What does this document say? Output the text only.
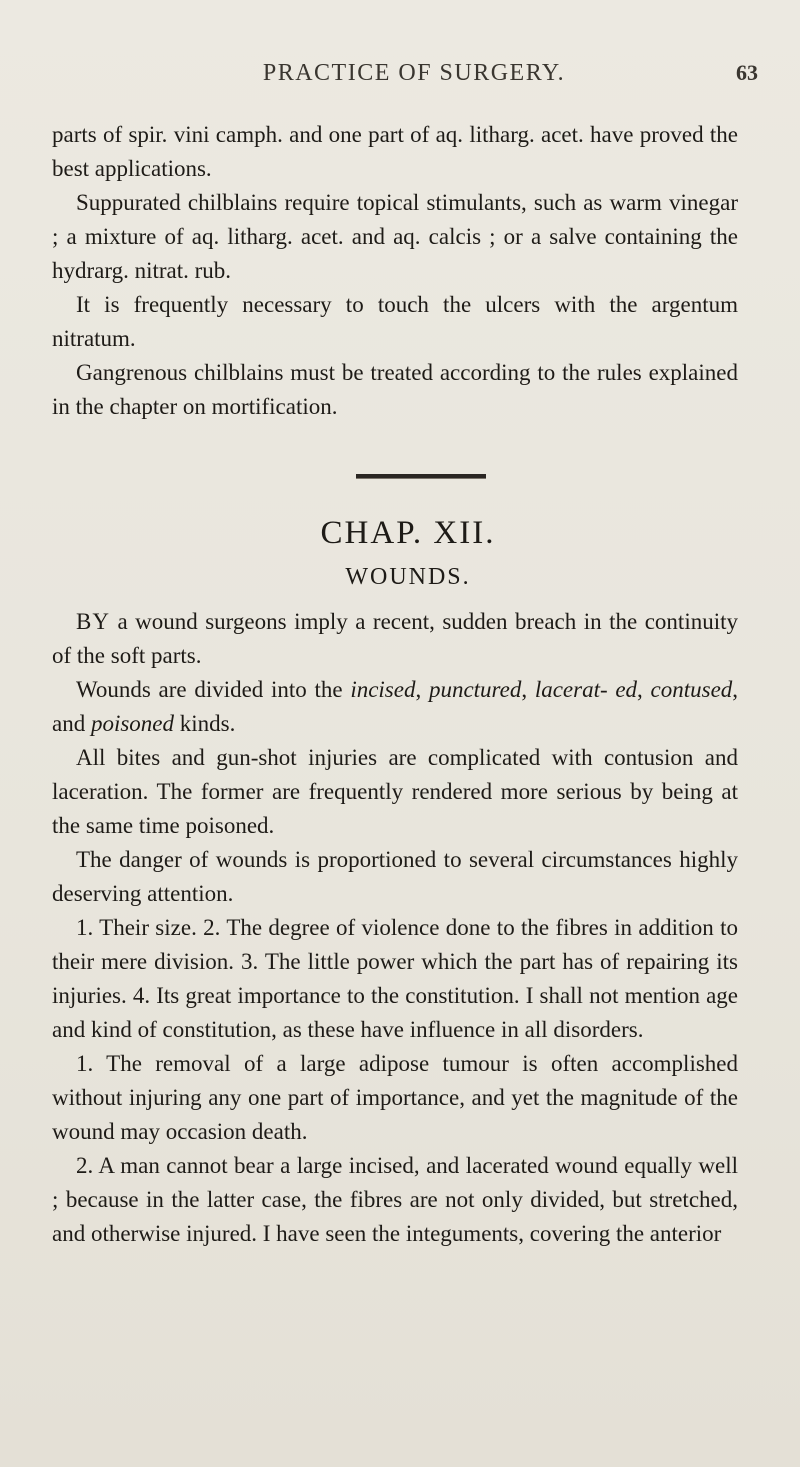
PRACTICE OF SURGERY.	63

parts of spir. vini camph. and one part of aq. litharg. acet. have proved the best applications.

Suppurated chilblains require topical stimulants, such as warm vinegar ; a mixture of aq. litharg. acet. and aq. calcis ; or a salve containing the hydrarg. nitrat. rub.

It is frequently necessary to touch the ulcers with the argentum nitratum.

Gangrenous chilblains must be treated according to the rules explained in the chapter on mortification.

CHAP. XII.
WOUNDS.

BY a wound surgeons imply a recent, sudden breach in the continuity of the soft parts.

Wounds are divided into the incised, punctured, lacerat- ed, contused, and poisoned kinds.

All bites and gun-shot injuries are complicated with contusion and laceration. The former are frequently rendered more serious by being at the same time poisoned.

The danger of wounds is proportioned to several circumstances highly deserving attention.

1. Their size. 2. The degree of violence done to the fibres in addition to their mere division. 3. The little power which the part has of repairing its injuries. 4. Its great importance to the constitution. I shall not mention age and kind of constitution, as these have influence in all disorders.

1. The removal of a large adipose tumour is often accomplished without injuring any one part of importance, and yet the magnitude of the wound may occasion death.

2. A man cannot bear a large incised, and lacerated wound equally well ; because in the latter case, the fibres are not only divided, but stretched, and otherwise injured. I have seen the integuments, covering the anterior
